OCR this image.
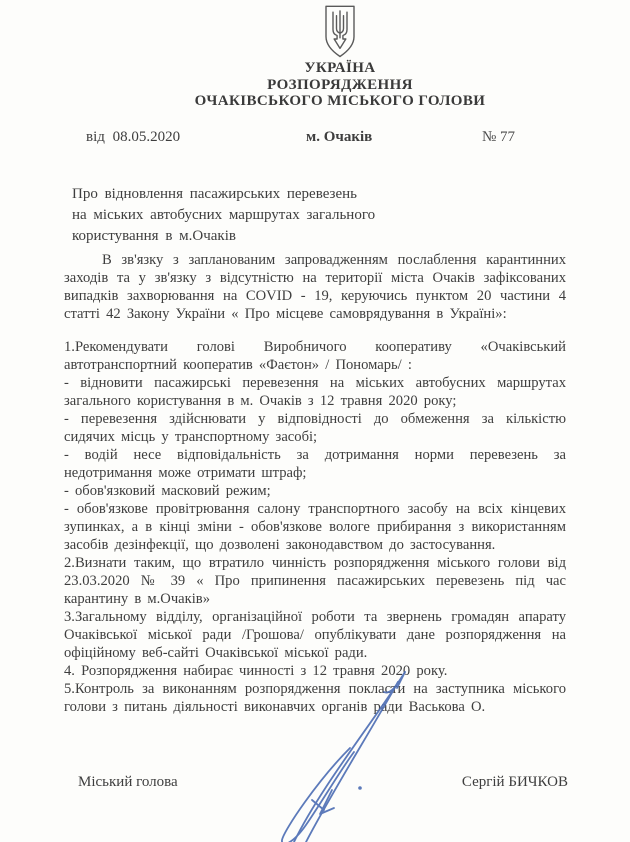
УКРАЇНА
РОЗПОРЯДЖЕННЯ
ОЧАКІВСЬКОГО МІСЬКОГО ГОЛОВИ
від 08.05.2020	м. Очаків	№ 77
Про відновлення пасажирських перевезень
на міських автобусних маршрутах загального
користування в м.Очаків

В зв'язку з запланованим запровадженням послаблення карантинних заходів та у зв'язку з відсутністю на території міста Очаків зафіксованих випадків захворювання на COVID - 19, керуючись пунктом 20 частини 4 статті 42 Закону України « Про місцеве самоврядування в Україні»:

1.Рекомендувати голові Виробничого кооперативу «Очаківський автотранспортний кооператив «Фаєтон» / Пономарь/ :

- відновити пасажирські перевезення на міських автобусних маршрутах загального користування в м. Очаків з 12 травня 2020 року;

- перевезення здійснювати у відповідності до обмеження за кількістю сидячих місць у транспортному засобі;

- водій несе відповідальність за дотримання норми перевезень за недотримання може отримати штраф;

- обов'язковий масковий режим;

- обов'язкове провітрювання салону транспортного засобу на всіх кінцевих зупинках, а в кінці зміни - обов'язкове вологе прибирання з використанням засобів дезінфекції, що дозволені законодавством до застосування.

2.Визнати таким, що втратило чинність розпорядження міського голови від 23.03.2020 № 39 « Про припинення пасажирських перевезень під час карантину в м.Очаків»

3.Загальному відділу, організаційної роботи та звернень громадян апарату Очаківської міської ради /Грошова/ опублікувати дане розпорядження на офіційному веб-сайті Очаківської міської ради.

4. Розпорядження набирає чинності з 12 травня 2020 року.

5.Контроль за виконанням розпорядження покласти на заступника міського голови з питань діяльності виконавчих органів ради Васькова О.

Міський голова	Сергій БИЧКОВ
